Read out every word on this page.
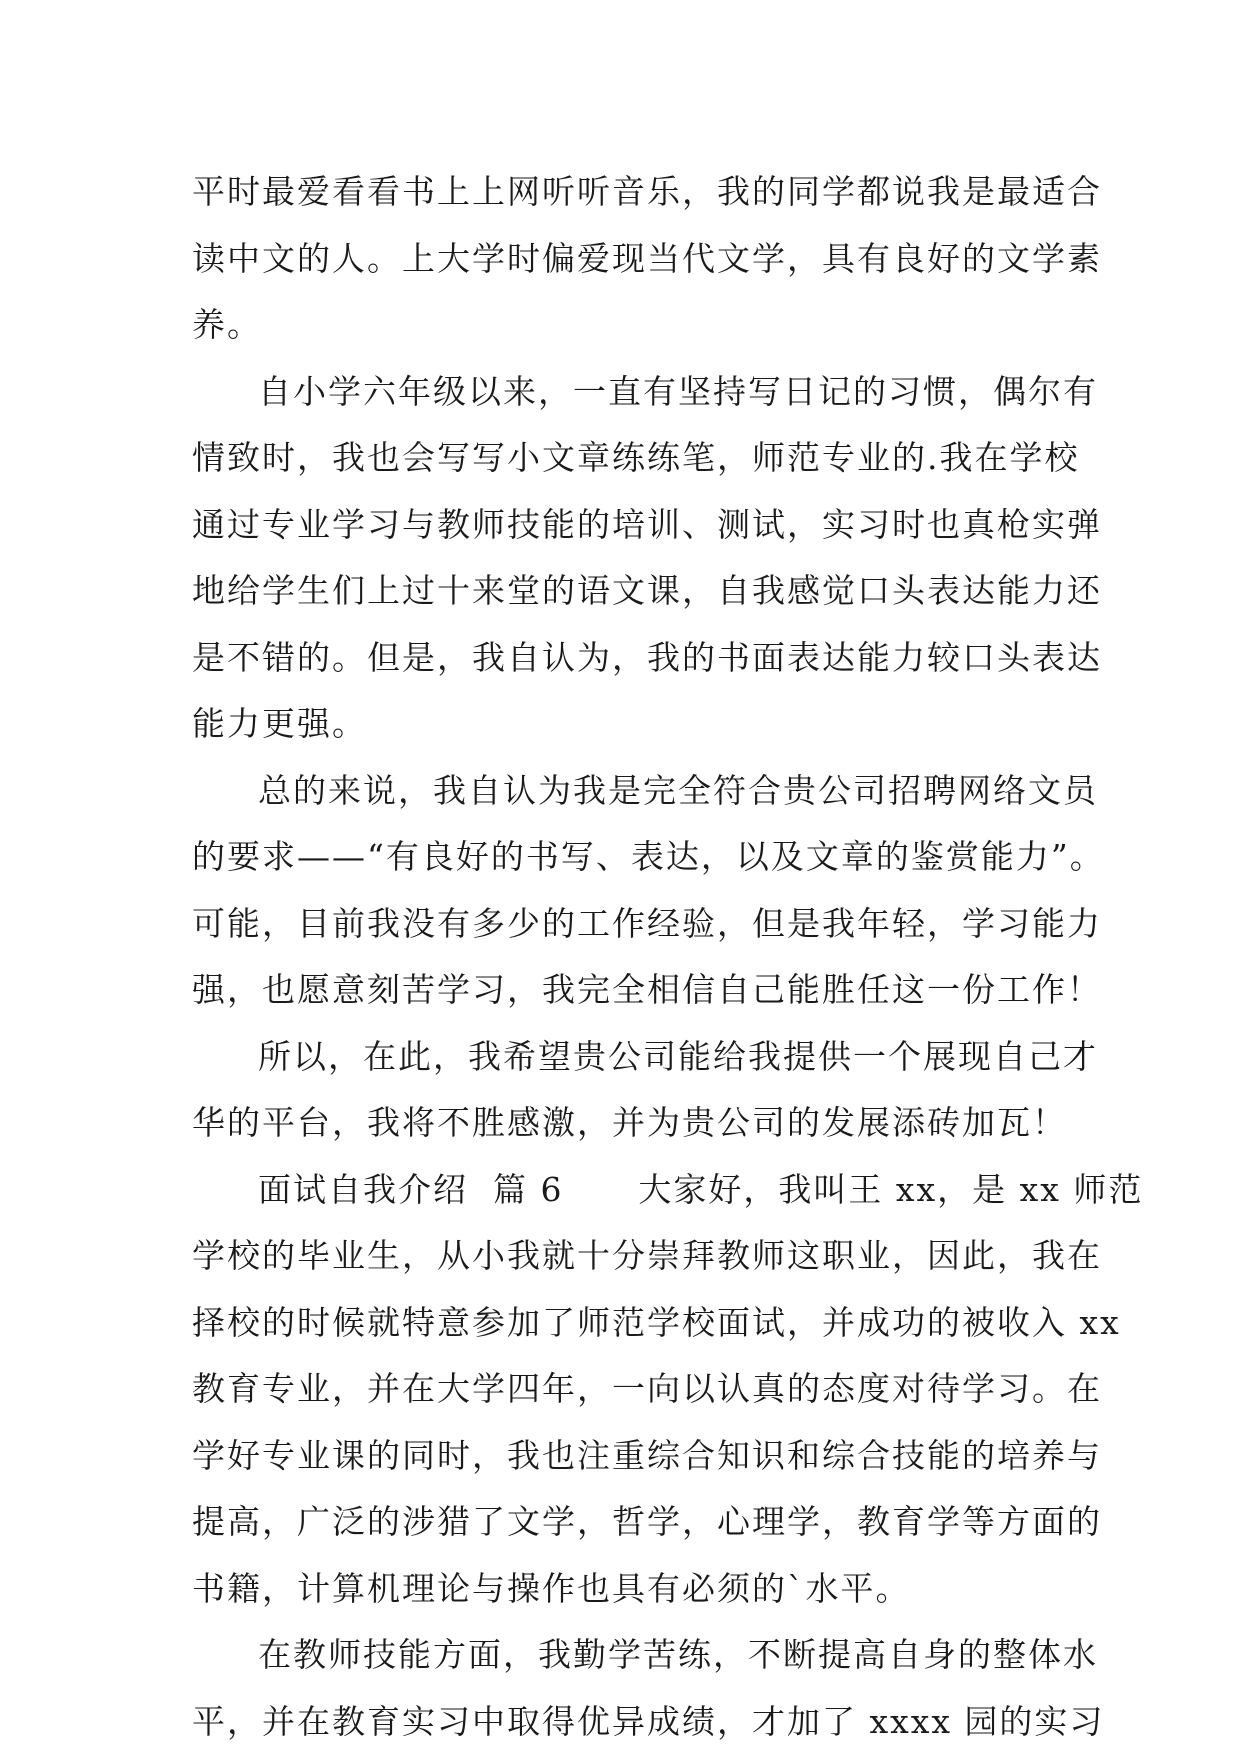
平时最爱看看书上上网听听音乐，我的同学都说我是最适合
读中文的人。上大学时偏爱现当代文学，具有良好的文学素
养。
自小学六年级以来，一直有坚持写日记的习惯，偶尔有
情致时，我也会写写小文章练练笔，师范专业的.我在学校
通过专业学习与教师技能的培训、测试，实习时也真枪实弹
地给学生们上过十来堂的语文课，自我感觉口头表达能力还
是不错的。但是，我自认为，我的书面表达能力较口头表达
能力更强。
总的来说，我自认为我是完全符合贵公司招聘网络文员
的要求——“有良好的书写、表达，以及文章的鉴赏能力”。
可能，目前我没有多少的工作经验，但是我年轻，学习能力
强，也愿意刻苦学习，我完全相信自己能胜任这一份工作！
所以，在此，我希望贵公司能给我提供一个展现自己才
华的平台，我将不胜感激，并为贵公司的发展添砖加瓦！
面试自我介绍  篇 6      大家好，我叫王 xx，是 xx 师范
学校的毕业生，从小我就十分崇拜教师这职业，因此，我在
择校的时候就特意参加了师范学校面试，并成功的被收入 xx
教育专业，并在大学四年，一向以认真的态度对待学习。在
学好专业课的同时，我也注重综合知识和综合技能的培养与
提高，广泛的涉猎了文学，哲学，心理学，教育学等方面的
书籍，计算机理论与操作也具有必须的`水平。
在教师技能方面，我勤学苦练，不断提高自身的整体水
平，并在教育实习中取得优异成绩，才加了 xxxx 园的实习
